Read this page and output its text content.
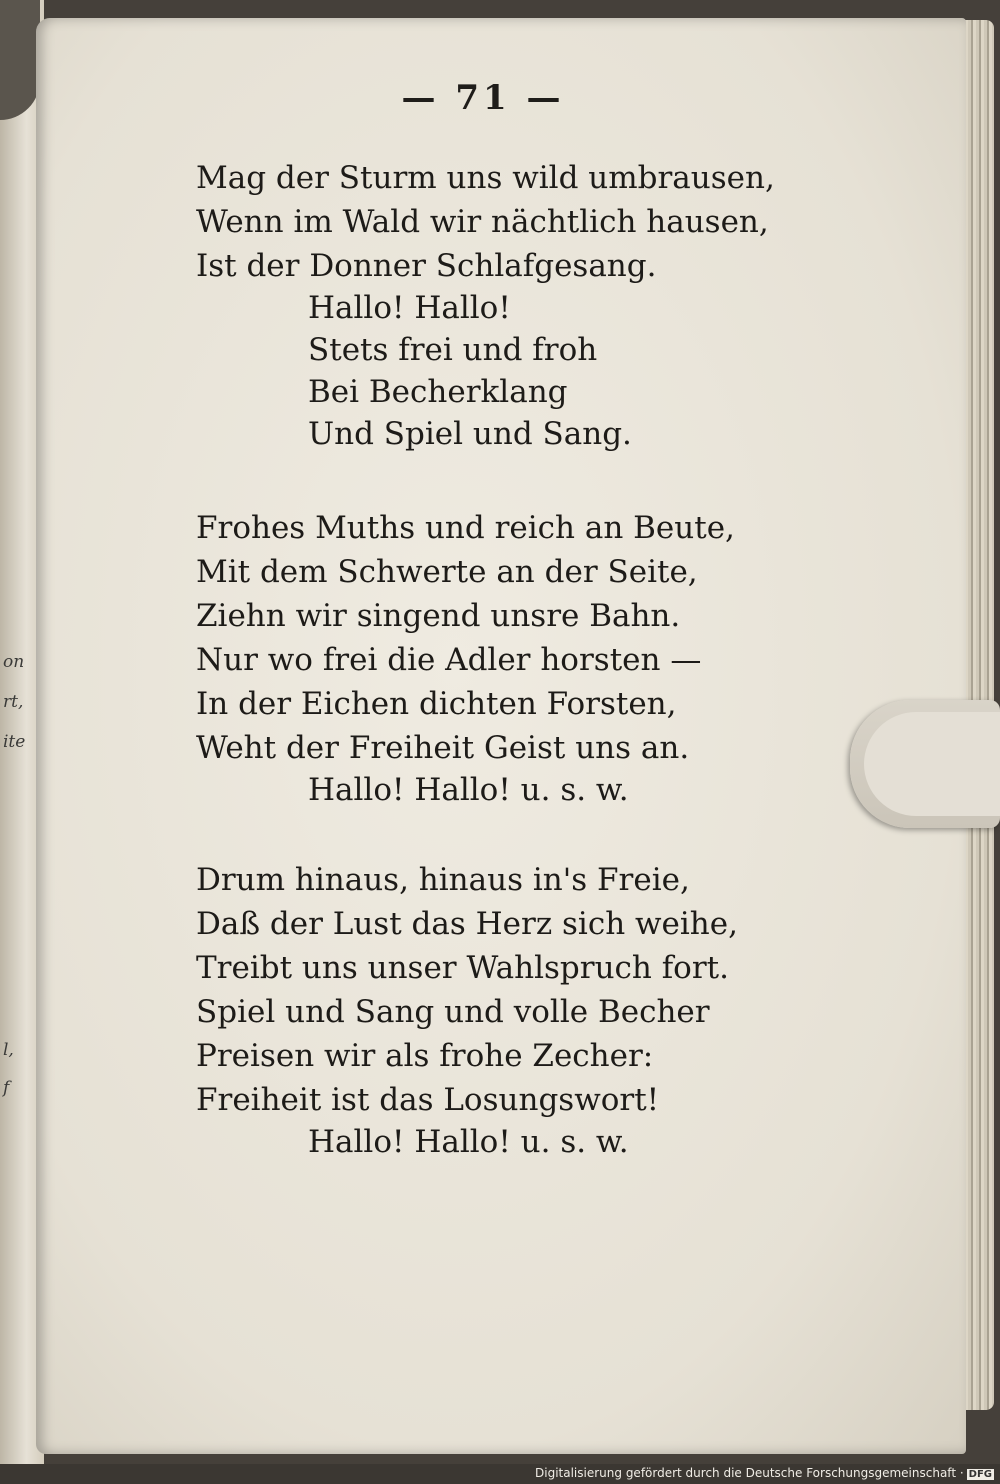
on
rt,
ite
l,
f
— 71 —
Mag der Sturm uns wild umbrausen,
Wenn im Wald wir nächtlich hausen,
Ist der Donner Schlafgesang.
Hallo! Hallo!
Stets frei und froh
Bei Becherklang
Und Spiel und Sang.
Frohes Muths und reich an Beute,
Mit dem Schwerte an der Seite,
Ziehn wir singend unsre Bahn.
Nur wo frei die Adler horsten —
In der Eichen dichten Forsten,
Weht der Freiheit Geist uns an.
Hallo! Hallo! u. s. w.
Drum hinaus, hinaus in's Freie,
Daß der Lust das Herz sich weihe,
Treibt uns unser Wahlspruch fort.
Spiel und Sang und volle Becher
Preisen wir als frohe Zecher:
Freiheit ist das Losungswort!
Hallo! Hallo! u. s. w.
Digitalisierung gefördert durch die Deutsche Forschungsgemeinschaft · DFG
